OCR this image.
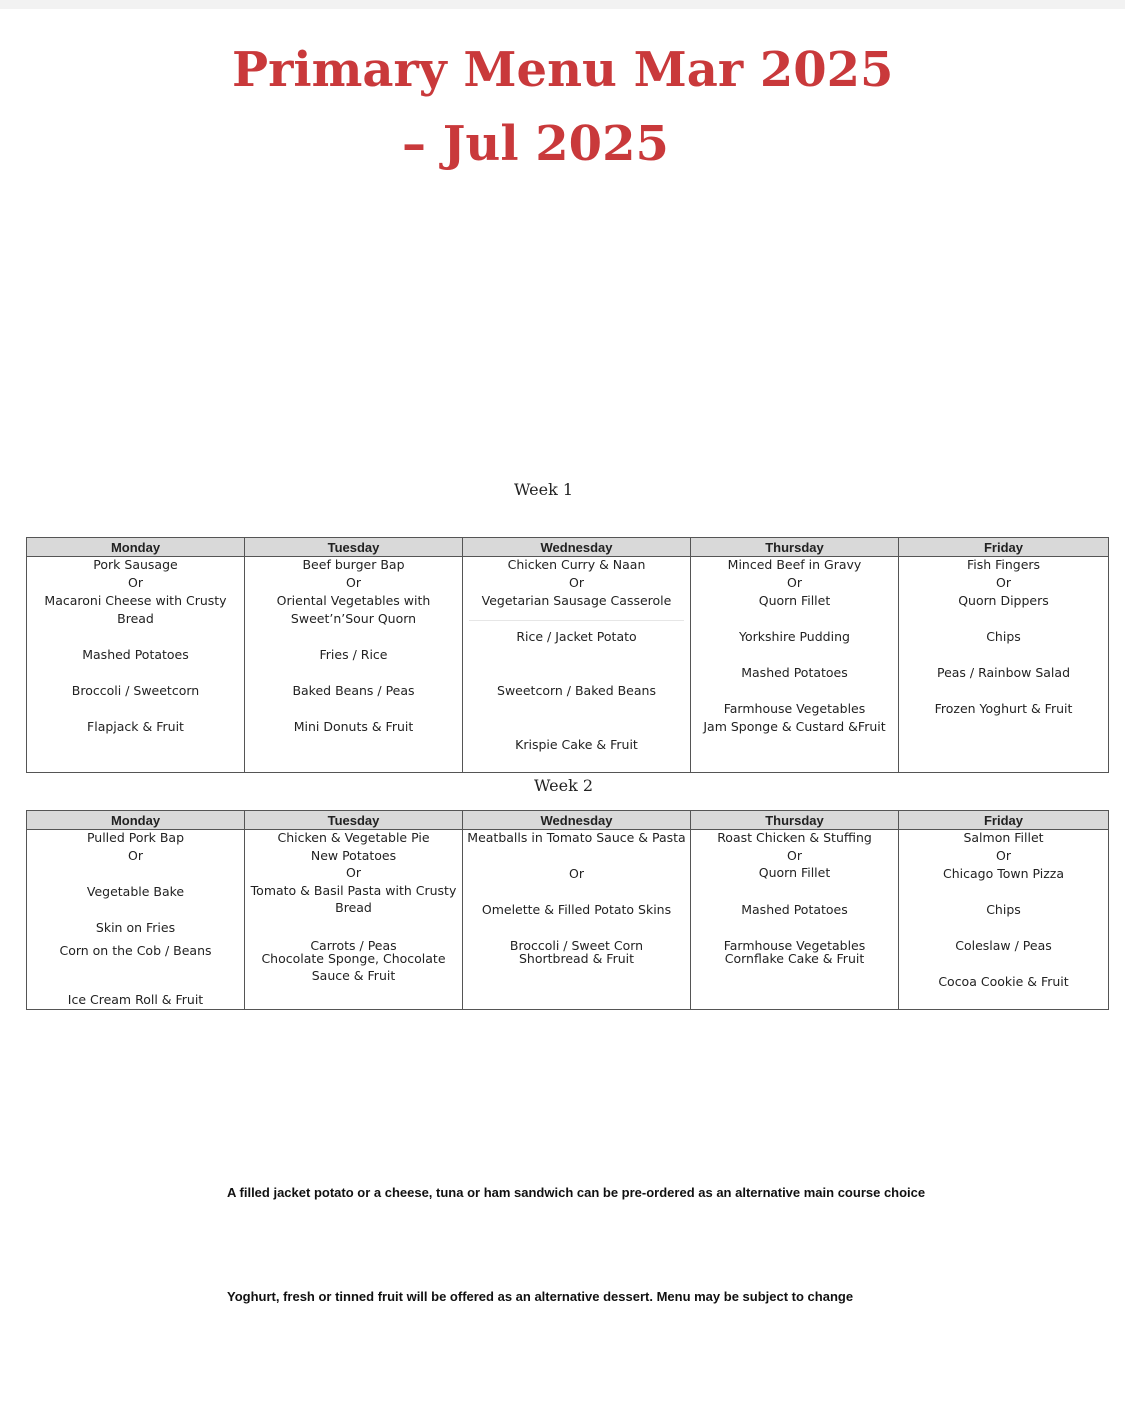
Primary Menu Mar 2025
– Jul 2025
Week 1
Monday
Pork Sausage
Or
Macaroni Cheese with Crusty
Bread
Mashed Potatoes
Broccoli / Sweetcorn
Flapjack & Fruit
Tuesday
Beef burger Bap
Or
Oriental Vegetables with
Sweet’n’Sour Quorn
Fries / Rice
Baked Beans / Peas
Mini Donuts & Fruit
Wednesday
Chicken Curry & Naan
Or
Vegetarian Sausage Casserole
Rice / Jacket Potato
Sweetcorn / Baked Beans
Krispie Cake & Fruit
Thursday
Minced Beef in Gravy
Or
Quorn Fillet
Yorkshire Pudding
Mashed Potatoes
Farmhouse Vegetables
Jam Sponge & Custard &Fruit
Friday
Fish Fingers
Or
Quorn Dippers
Chips
Peas / Rainbow Salad
Frozen Yoghurt & Fruit
Week 2
Monday
Pulled Pork Bap
Or
Vegetable Bake
Skin on Fries
Corn on the Cob / Beans
Ice Cream Roll & Fruit
Tuesday
Chicken & Vegetable Pie
New Potatoes
Or
Tomato & Basil Pasta with Crusty
Bread
Carrots / Peas
Chocolate Sponge, Chocolate
Sauce & Fruit
Wednesday
Meatballs in Tomato Sauce & Pasta
Or
Omelette & Filled Potato Skins
Broccoli / Sweet Corn
Shortbread & Fruit
Thursday
Roast Chicken & Stuffing
Or
Quorn Fillet
Mashed Potatoes
Farmhouse Vegetables
Cornflake Cake & Fruit
Friday
Salmon Fillet
Or
Chicago Town Pizza
Chips
Coleslaw / Peas
Cocoa Cookie & Fruit
A filled jacket potato or a cheese, tuna or ham sandwich can be pre-ordered as an alternative main course choice
Yoghurt, fresh or tinned fruit will be offered as an alternative dessert. Menu may be subject to change
